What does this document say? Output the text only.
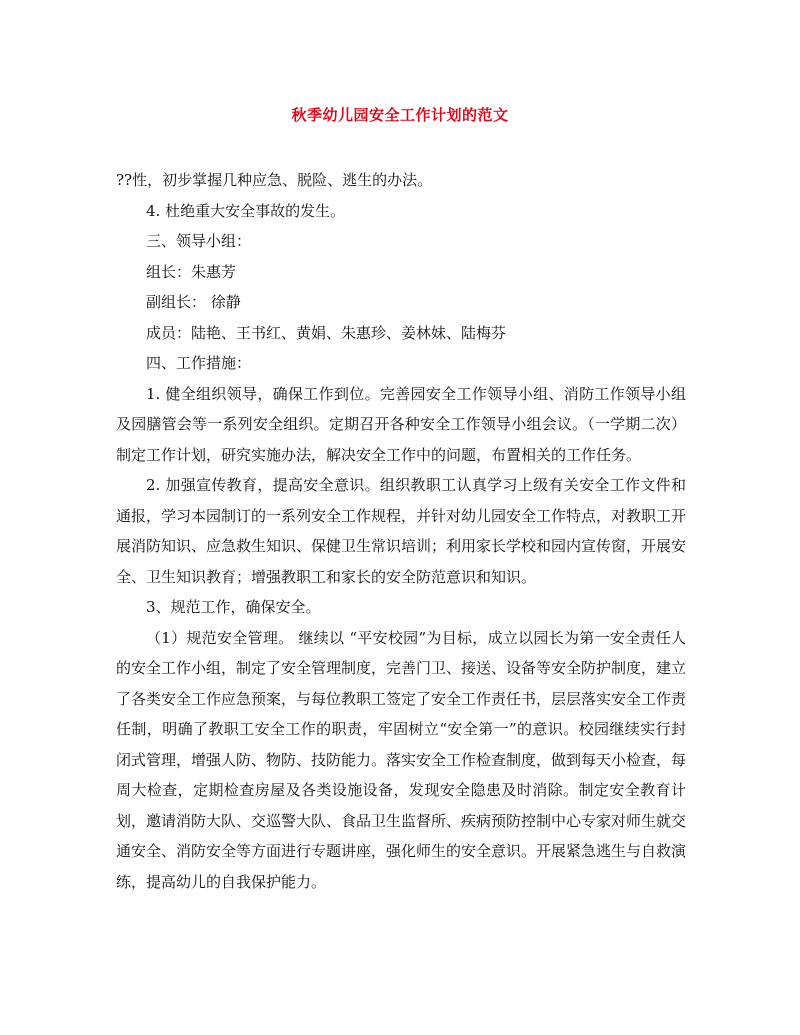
秋季幼儿园安全工作计划的范文

??性，初步掌握几种应急、脱险、逃生的办法。

4. 杜绝重大安全事故的发生。

三、领导小组：

组长：朱惠芳

副组长： 徐静

成员：陆艳、王书红、黄娟、朱惠珍、姜林妹、陆梅芬

四、工作措施：

1. 健全组织领导，确保工作到位。完善园安全工作领导小组、消防工作领导小组及园膳管会等一系列安全组织。定期召开各种安全工作领导小组会议。（一学期二次）制定工作计划，研究实施办法，解决安全工作中的问题，布置相关的工作任务。

2. 加强宣传教育，提高安全意识。组织教职工认真学习上级有关安全工作文件和通报，学习本园制订的一系列安全工作规程，并针对幼儿园安全工作特点，对教职工开展消防知识、应急救生知识、保健卫生常识培训；利用家长学校和园内宣传窗，开展安全、卫生知识教育；增强教职工和家长的安全防范意识和知识。

3、规范工作，确保安全。

（1）规范安全管理。 继续以 “平安校园”为目标，成立以园长为第一安全责任人的安全工作小组，制定了安全管理制度，完善门卫、接送、设备等安全防护制度，建立了各类安全工作应急预案，与每位教职工签定了安全工作责任书，层层落实安全工作责任制，明确了教职工安全工作的职责，牢固树立“安全第一”的意识。校园继续实行封闭式管理，增强人防、物防、技防能力。落实安全工作检查制度，做到每天小检查，每周大检查，定期检查房屋及各类设施设备，发现安全隐患及时消除。制定安全教育计划，邀请消防大队、交巡警大队、食品卫生监督所、疾病预防控制中心专家对师生就交通安全、消防安全等方面进行专题讲座，强化师生的安全意识。开展紧急逃生与自救演练，提高幼儿的自我保护能力。
